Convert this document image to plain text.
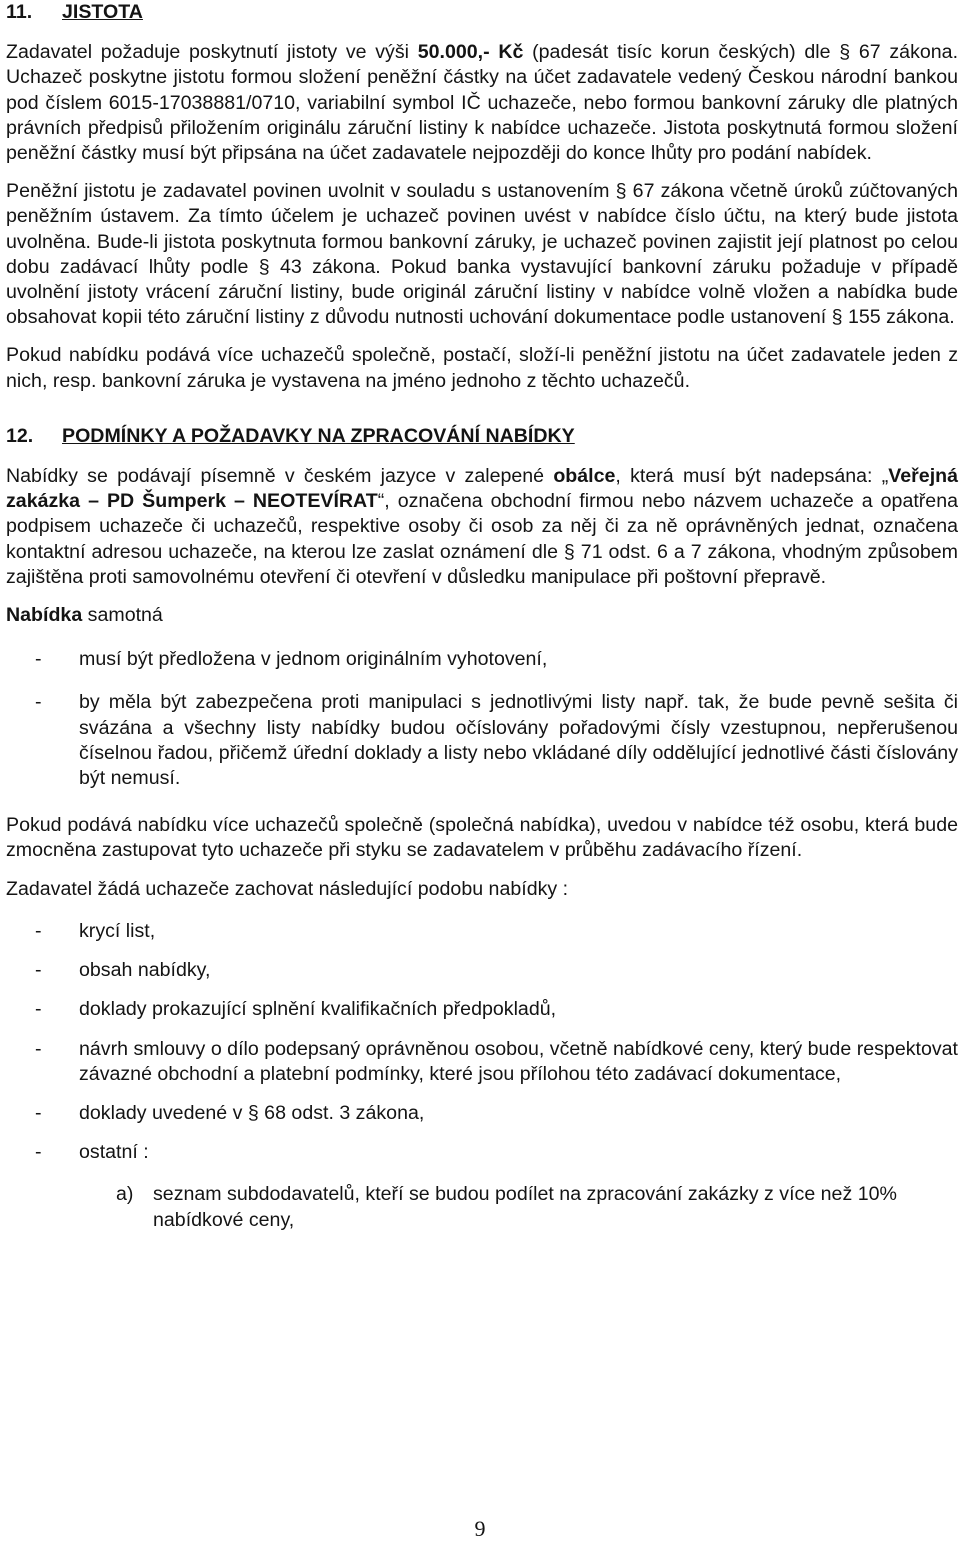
11. JISTOTA

Zadavatel požaduje poskytnutí jistoty ve výši 50.000,- Kč (padesát tisíc korun českých) dle § 67 zákona. Uchazeč poskytne jistotu formou složení peněžní částky na účet zadavatele vedený Českou národní bankou pod číslem 6015-17038881/0710, variabilní symbol IČ uchazeče, nebo formou bankovní záruky dle platných právních předpisů přiložením originálu záruční listiny k nabídce uchazeče. Jistota poskytnutá formou složení peněžní částky musí být připsána na účet zadavatele nejpozději do konce lhůty pro podání nabídek.

Peněžní jistotu je zadavatel povinen uvolnit v souladu s ustanovením § 67 zákona včetně úroků zúčtovaných peněžním ústavem. Za tímto účelem je uchazeč povinen uvést v nabídce číslo účtu, na který bude jistota uvolněna. Bude-li jistota poskytnuta formou bankovní záruky, je uchazeč povinen zajistit její platnost po celou dobu zadávací lhůty podle § 43 zákona. Pokud banka vystavující bankovní záruku požaduje v případě uvolnění jistoty vrácení záruční listiny, bude originál záruční listiny v nabídce volně vložen a nabídka bude obsahovat kopii této záruční listiny z důvodu nutnosti uchování dokumentace podle ustanovení § 155 zákona.

Pokud nabídku podává více uchazečů společně, postačí, složí-li peněžní jistotu na účet zadavatele jeden z nich, resp. bankovní záruka je vystavena na jméno jednoho z těchto uchazečů.

12. PODMÍNKY A POŽADAVKY NA ZPRACOVÁNÍ NABÍDKY

Nabídky se podávají písemně v českém jazyce v zalepené obálce, která musí být nadepsána: „Veřejná zakázka – PD Šumperk – NEOTEVÍRAT“, označena obchodní firmou nebo názvem uchazeče a opatřena podpisem uchazeče či uchazečů, respektive osoby či osob za něj či za ně oprávněných jednat, označena kontaktní adresou uchazeče, na kterou lze zaslat oznámení dle § 71 odst. 6 a 7 zákona, vhodným způsobem zajištěna proti samovolnému otevření či otevření v důsledku manipulace při poštovní přepravě.

Nabídka samotná

- musí být předložena v jednom originálním vyhotovení,
- by měla být zabezpečena proti manipulaci s jednotlivými listy např. tak, že bude pevně sešita či svázána a všechny listy nabídky budou očíslovány pořadovými čísly vzestupnou, nepřerušenou číselnou řadou, přičemž úřední doklady a listy nebo vkládané díly oddělující jednotlivé části číslovány být nemusí.

Pokud podává nabídku více uchazečů společně (společná nabídka), uvedou v nabídce též osobu, která bude zmocněna zastupovat tyto uchazeče při styku se zadavatelem v průběhu zadávacího řízení.

Zadavatel žádá uchazeče zachovat následující podobu nabídky :

- krycí list,
- obsah nabídky,
- doklady prokazující splnění kvalifikačních předpokladů,
- návrh smlouvy o dílo podepsaný oprávněnou osobou, včetně nabídkové ceny, který bude respektovat závazné obchodní a platební podmínky, které jsou přílohou této zadávací dokumentace,
- doklady uvedené v § 68 odst. 3 zákona,
- ostatní :
a) seznam subdodavatelů, kteří se budou podílet na zpracování zakázky z více než 10% nabídkové ceny,
9
